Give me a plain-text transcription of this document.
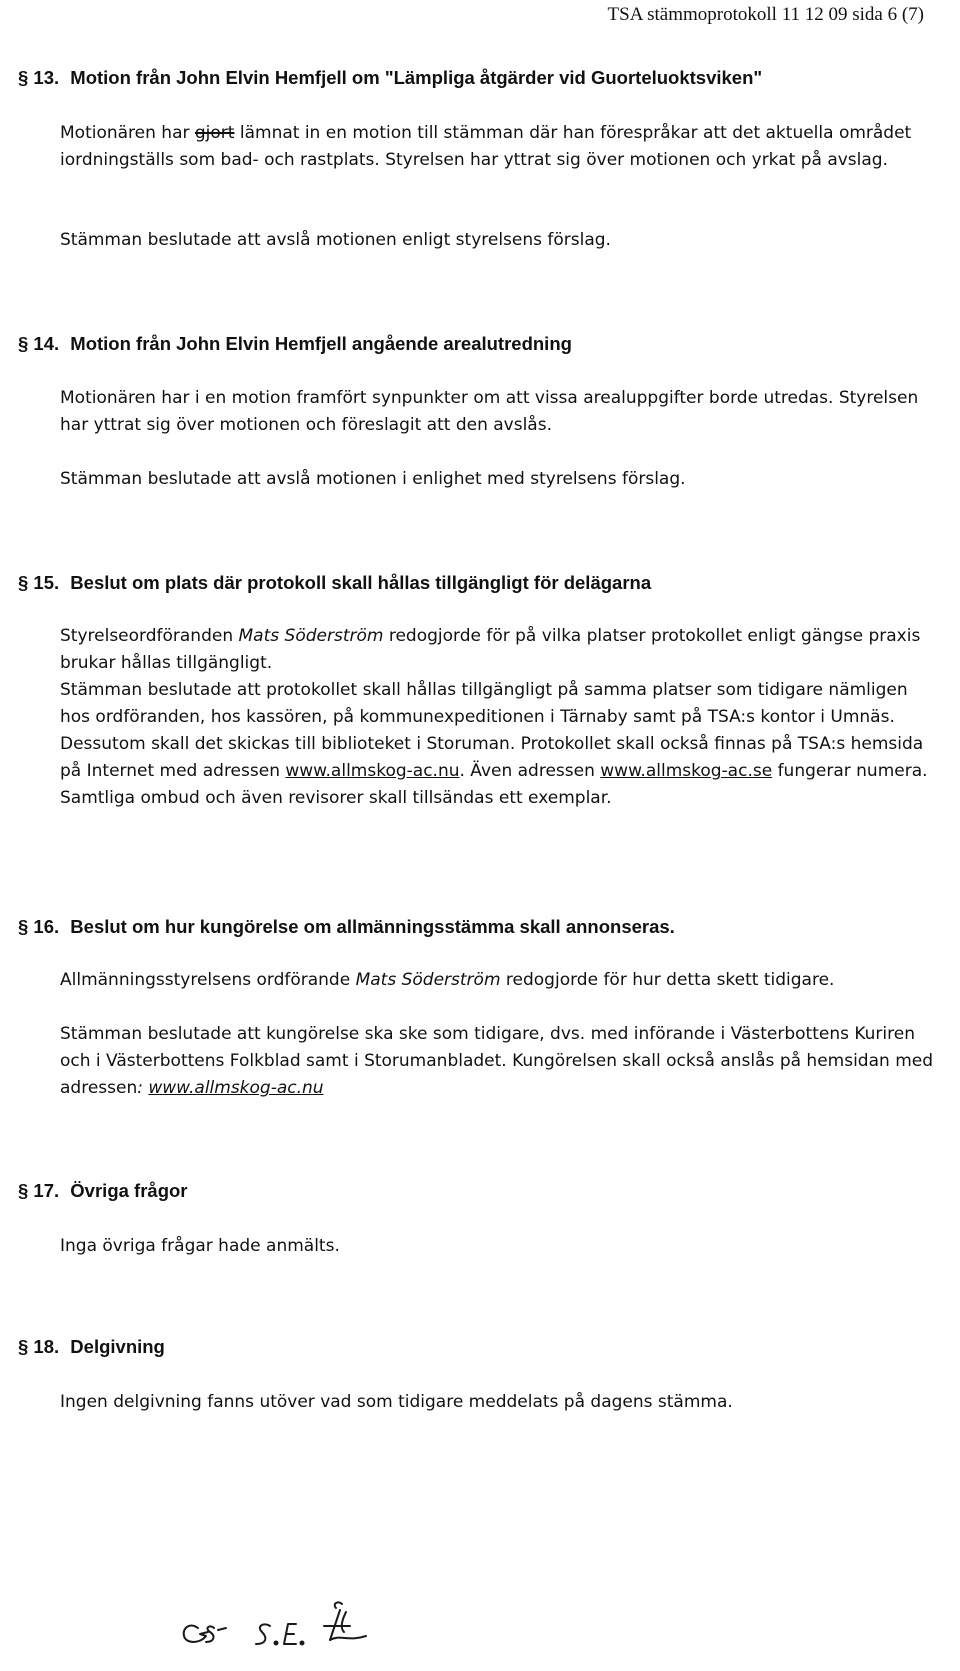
TSA stämmoprotokoll 11 12 09 sida 6 (7)
§ 13. Motion från John Elvin Hemfjell om "Lämpliga åtgärder vid Guorteluoktsviken"

Motionären har gjort lämnat in en motion till stämman där han förespråkar att det aktuella området iordningställs som bad- och rastplats. Styrelsen har yttrat sig över motionen och yrkat på avslag.

Stämman beslutade att avslå motionen enligt styrelsens förslag.

§ 14. Motion från John Elvin Hemfjell angående arealutredning

Motionären har i en motion framfört synpunkter om att vissa arealuppgifter borde utredas. Styrelsen har yttrat sig över motionen och föreslagit att den avslås.

Stämman beslutade att avslå motionen i enlighet med styrelsens förslag.

§ 15. Beslut om plats där protokoll skall hållas tillgängligt för delägarna

Styrelseordföranden Mats Söderström redogjorde för på vilka platser protokollet enligt gängse praxis brukar hållas tillgängligt.

Stämman beslutade att protokollet skall hållas tillgängligt på samma platser som tidigare nämligen hos ordföranden, hos kassören, på kommunexpeditionen i Tärnaby samt på TSA:s kontor i Umnäs. Dessutom skall det skickas till biblioteket i Storuman. Protokollet skall också finnas på TSA:s hemsida på Internet med adressen www.allmskog-ac.nu. Även adressen www.allmskog-ac.se fungerar numera. Samtliga ombud och även revisorer skall tillsändas ett exemplar.

§ 16. Beslut om hur kungörelse om allmänningsstämma skall annonseras.

Allmänningsstyrelsens ordförande Mats Söderström redogjorde för hur detta skett tidigare.

Stämman beslutade att kungörelse ska ske som tidigare, dvs. med införande i Västerbottens Kuriren och i Västerbottens Folkblad samt i Storumanbladet. Kungörelsen skall också anslås på hemsidan med adressen: www.allmskog-ac.nu

§ 17. Övriga frågor

Inga övriga frågar hade anmälts.

§ 18. Delgivning

Ingen delgivning fanns utöver vad som tidigare meddelats på dagens stämma.
